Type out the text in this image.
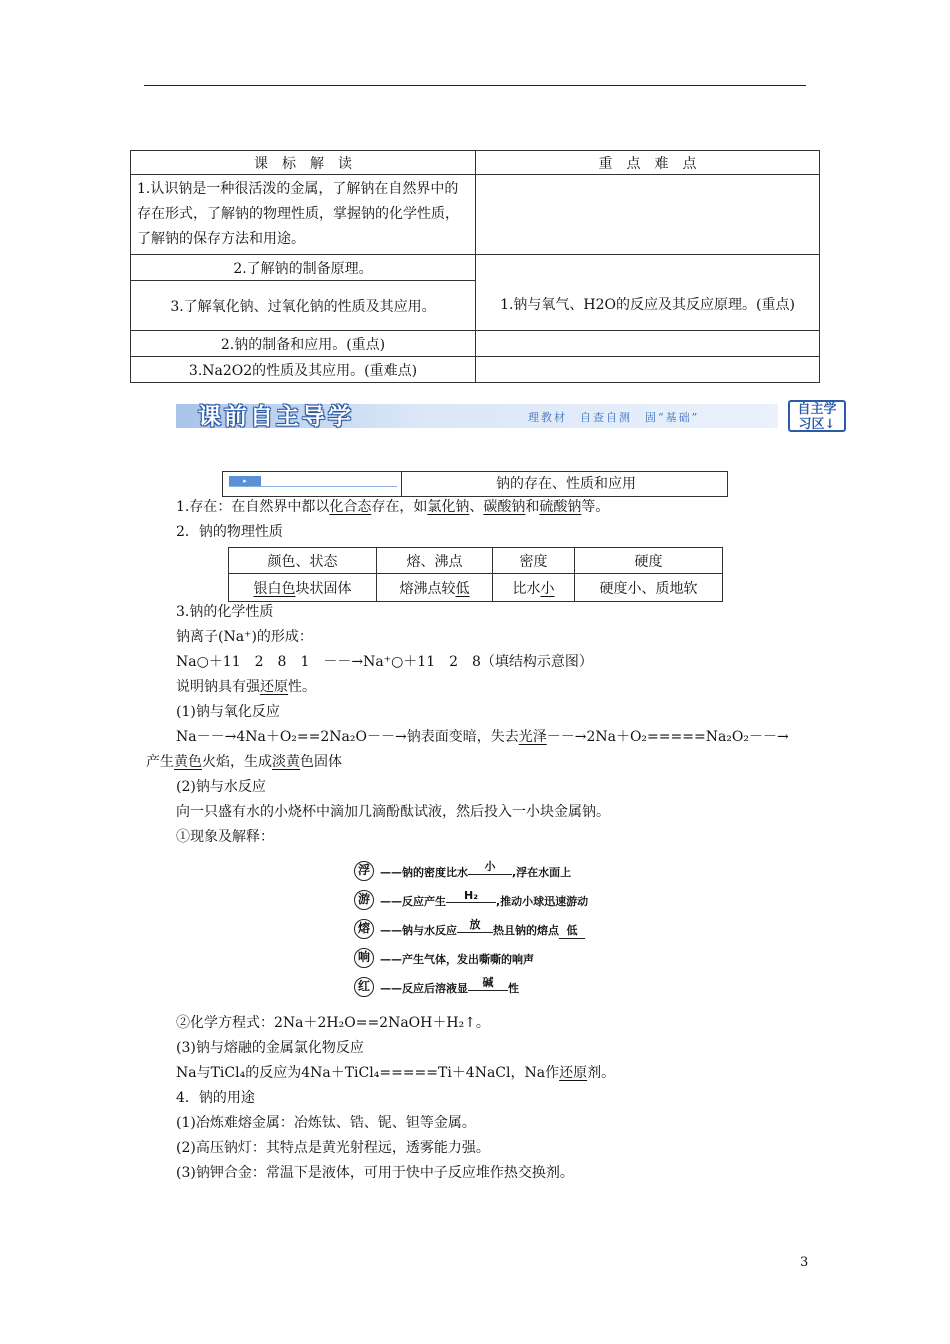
课　标　解　读	重　点　难　点
1.认识钠是一种很活泼的金属，了解钠在自然界中的存在形式，了解钠的物理性质，掌握钠的化学性质，了解钠的保存方法和用途。	
2.了解钠的制备原理。	
3.了解氧化钠、过氧化钠的性质及其应用。	1.钠与氧气、H2O的反应及其反应原理。(重点)
2.钠的制备和应用。(重点)	
3.Na2O2的性质及其应用。(重难点)	
课前自主导学	理教材　自查自测　固“基础”
自主学
习区↓
▸	钠的存在、性质和应用
1.存在：在自然界中都以化合态存在，如氯化钠、碳酸钠和硫酸钠等。
2．钠的物理性质
颜色、状态	熔、沸点	密度	硬度
银白色块状固体	熔沸点较低	比水小	硬度小、质地软
3.钠的化学性质
钠离子(Na⁺)的形成：
Na○＋11　2　8　1　－－→Na⁺○＋11　2　8（填结构示意图）
说明钠具有强还原性。
(1)钠与氧化反应
Na－－→4Na＋O₂==2Na₂O－－→钠表面变暗，失去光泽－－→2Na＋O₂=====Na₂O₂－－→
产生黄色火焰，生成淡黄色固体
(2)钠与水反应
向一只盛有水的小烧杯中滴加几滴酚酞试液，然后投入一小块金属钠。
①现象及解释：
浮 ——钠的密度比水 小 ,浮在水面上
游 ——反应产生 H₂ ,推动小球迅速游动
熔 ——钠与水反应 放 热且钠的熔点 低
响 ——产生气体，发出嘶嘶的响声
红 ——反应后溶液显 碱 性
②化学方程式：2Na＋2H₂O==2NaOH＋H₂↑。
(3)钠与熔融的金属氯化物反应
Na与TiCl₄的反应为4Na＋TiCl₄=====Ti＋4NaCl，Na作还原剂。
4．钠的用途
(1)冶炼难熔金属：冶炼钛、锆、铌、钽等金属。
(2)高压钠灯：其特点是黄光射程远，透雾能力强。
(3)钠钾合金：常温下是液体，可用于快中子反应堆作热交换剂。
3
